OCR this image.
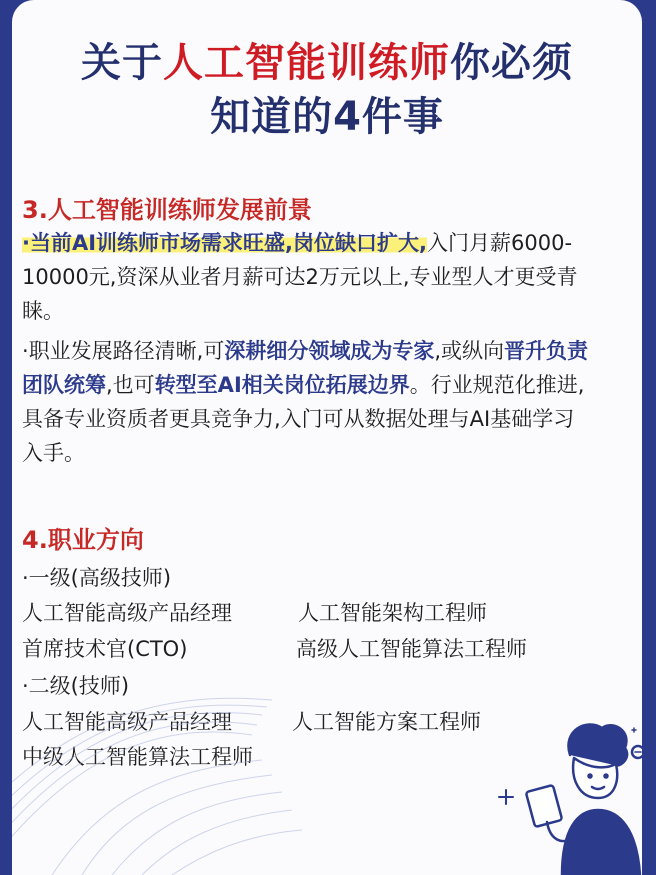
关于人工智能训练师你必须
知道的4件事
3.人工智能训练师发展前景
·当前AI训练师市场需求旺盛,岗位缺口扩大,入门月薪6000-10000元,资深从业者月薪可达2万元以上,专业型人才更受青睐。
·职业发展路径清晰,可深耕细分领域成为专家,或纵向晋升负责团队统筹,也可转型至AI相关岗位拓展边界。行业规范化推进,具备专业资质者更具竞争力,入门可从数据处理与AI基础学习入手。
4.职业方向
·一级(高级技师)
人工智能高级产品经理	人工智能架构工程师
首席技术官(CTO)	高级人工智能算法工程师
·二级(技师)
人工智能高级产品经理	人工智能方案工程师
中级人工智能算法工程师
